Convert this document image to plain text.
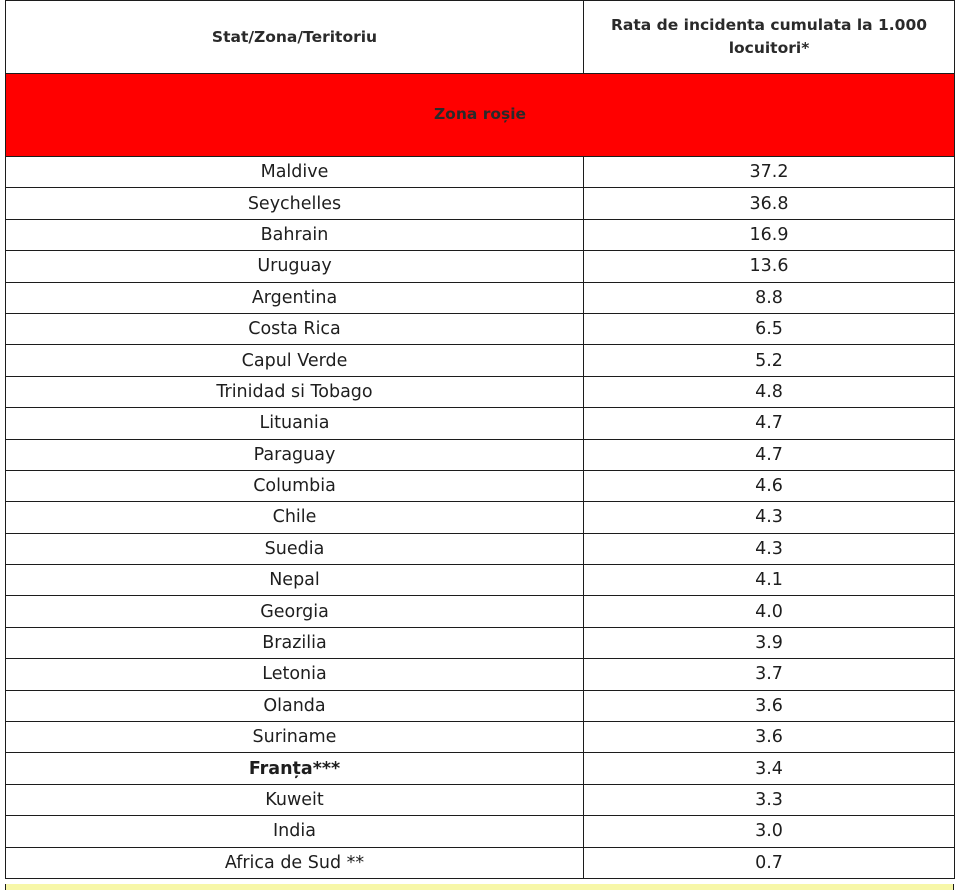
Stat/Zona/Teritoriu	Rata de incidenta cumulata la 1.000 locuitori*
Zona roșie	
Maldive	37.2
Seychelles	36.8
Bahrain	16.9
Uruguay	13.6
Argentina	8.8
Costa Rica	6.5
Capul Verde	5.2
Trinidad si Tobago	4.8
Lituania	4.7
Paraguay	4.7
Columbia	4.6
Chile	4.3
Suedia	4.3
Nepal	4.1
Georgia	4.0
Brazilia	3.9
Letonia	3.7
Olanda	3.6
Suriname	3.6
Franța***	3.4
Kuweit	3.3
India	3.0
Africa de Sud **	0.7
